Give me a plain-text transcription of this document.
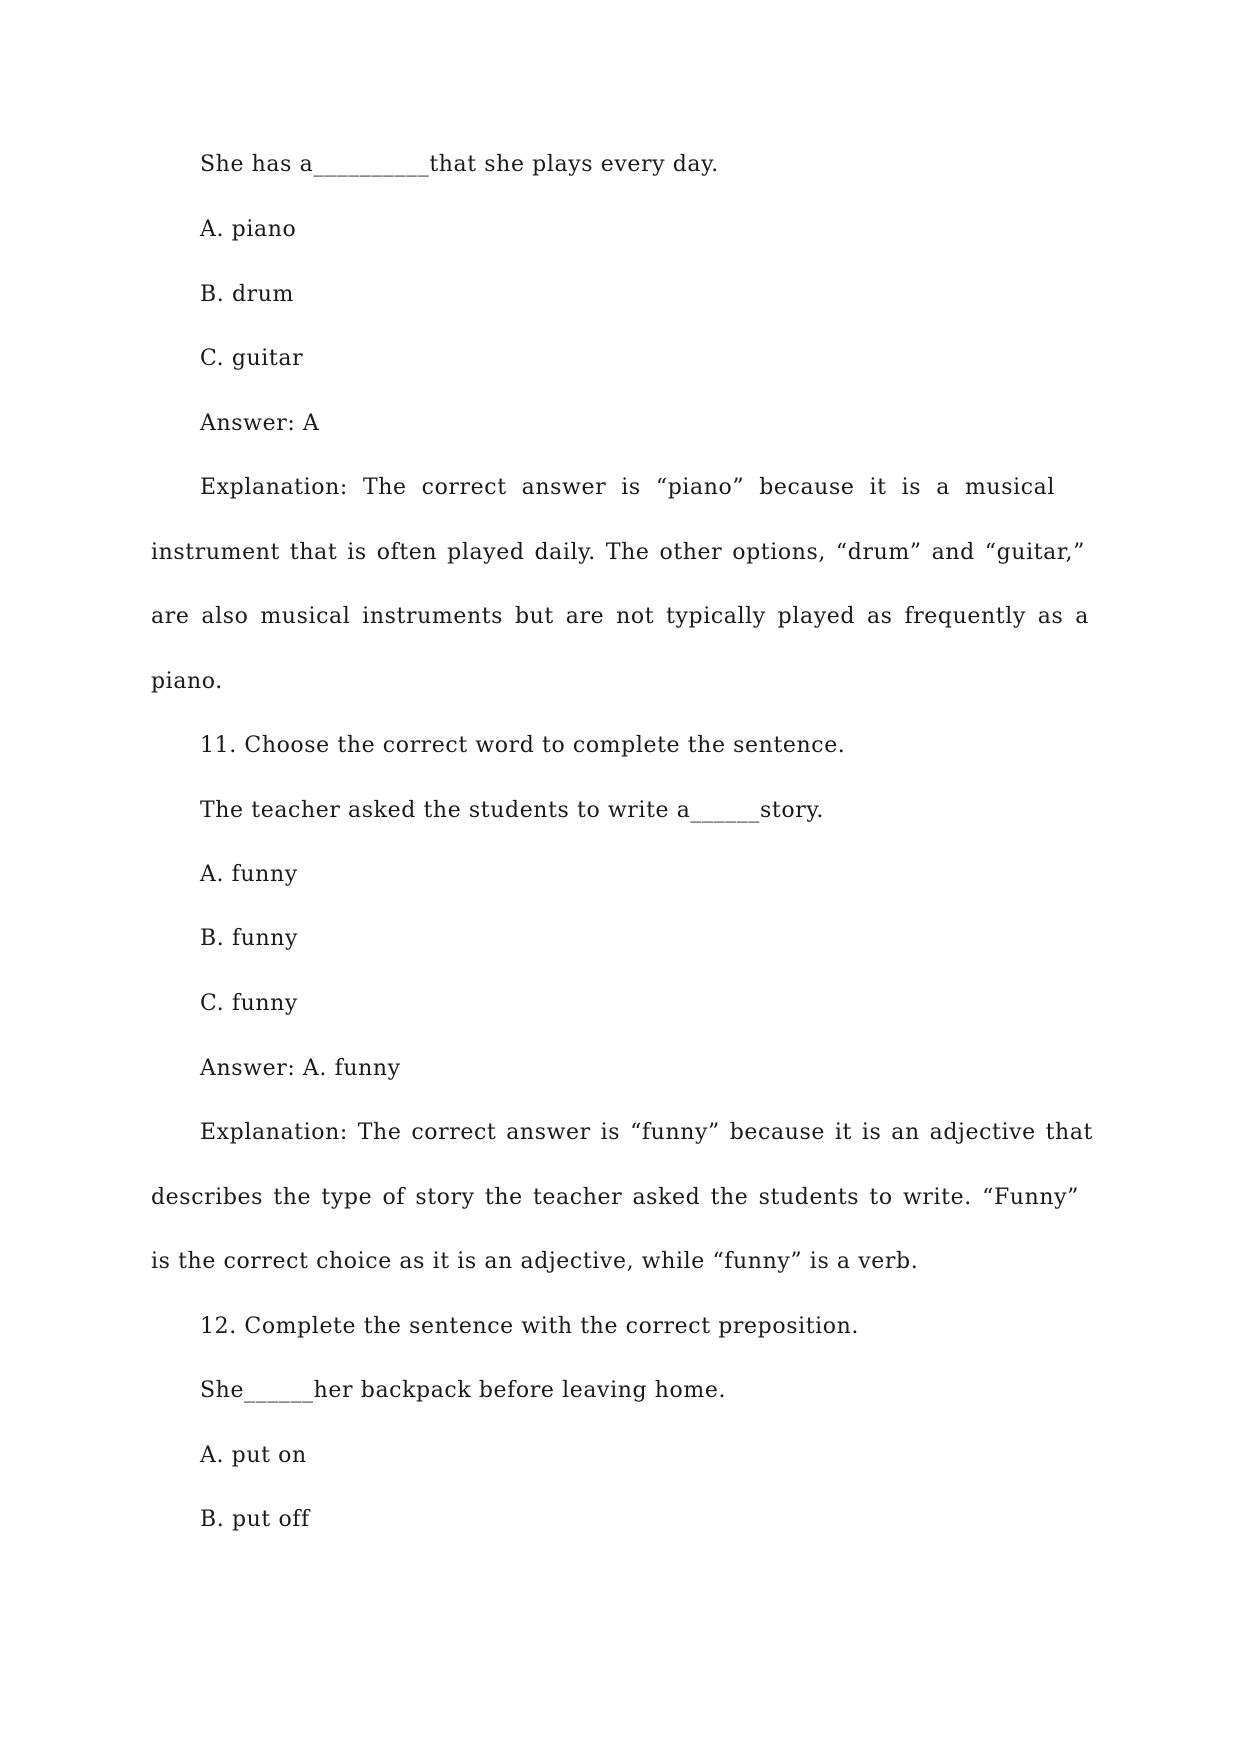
She has a__________that she plays every day.
A. piano
B. drum
C. guitar
Answer: A
Explanation: The correct answer is “piano” because it is a musical
instrument that is often played daily. The other options, “drum” and “guitar,”
are also musical instruments but are not typically played as frequently as a
piano.
11. Choose the correct word to complete the sentence.
The teacher asked the students to write a______story.
A. funny
B. funny
C. funny
Answer: A. funny
Explanation: The correct answer is “funny” because it is an adjective that
describes the type of story the teacher asked the students to write. “Funny”
is the correct choice as it is an adjective, while “funny” is a verb.
12. Complete the sentence with the correct preposition.
She______her backpack before leaving home.
A. put on
B. put off
